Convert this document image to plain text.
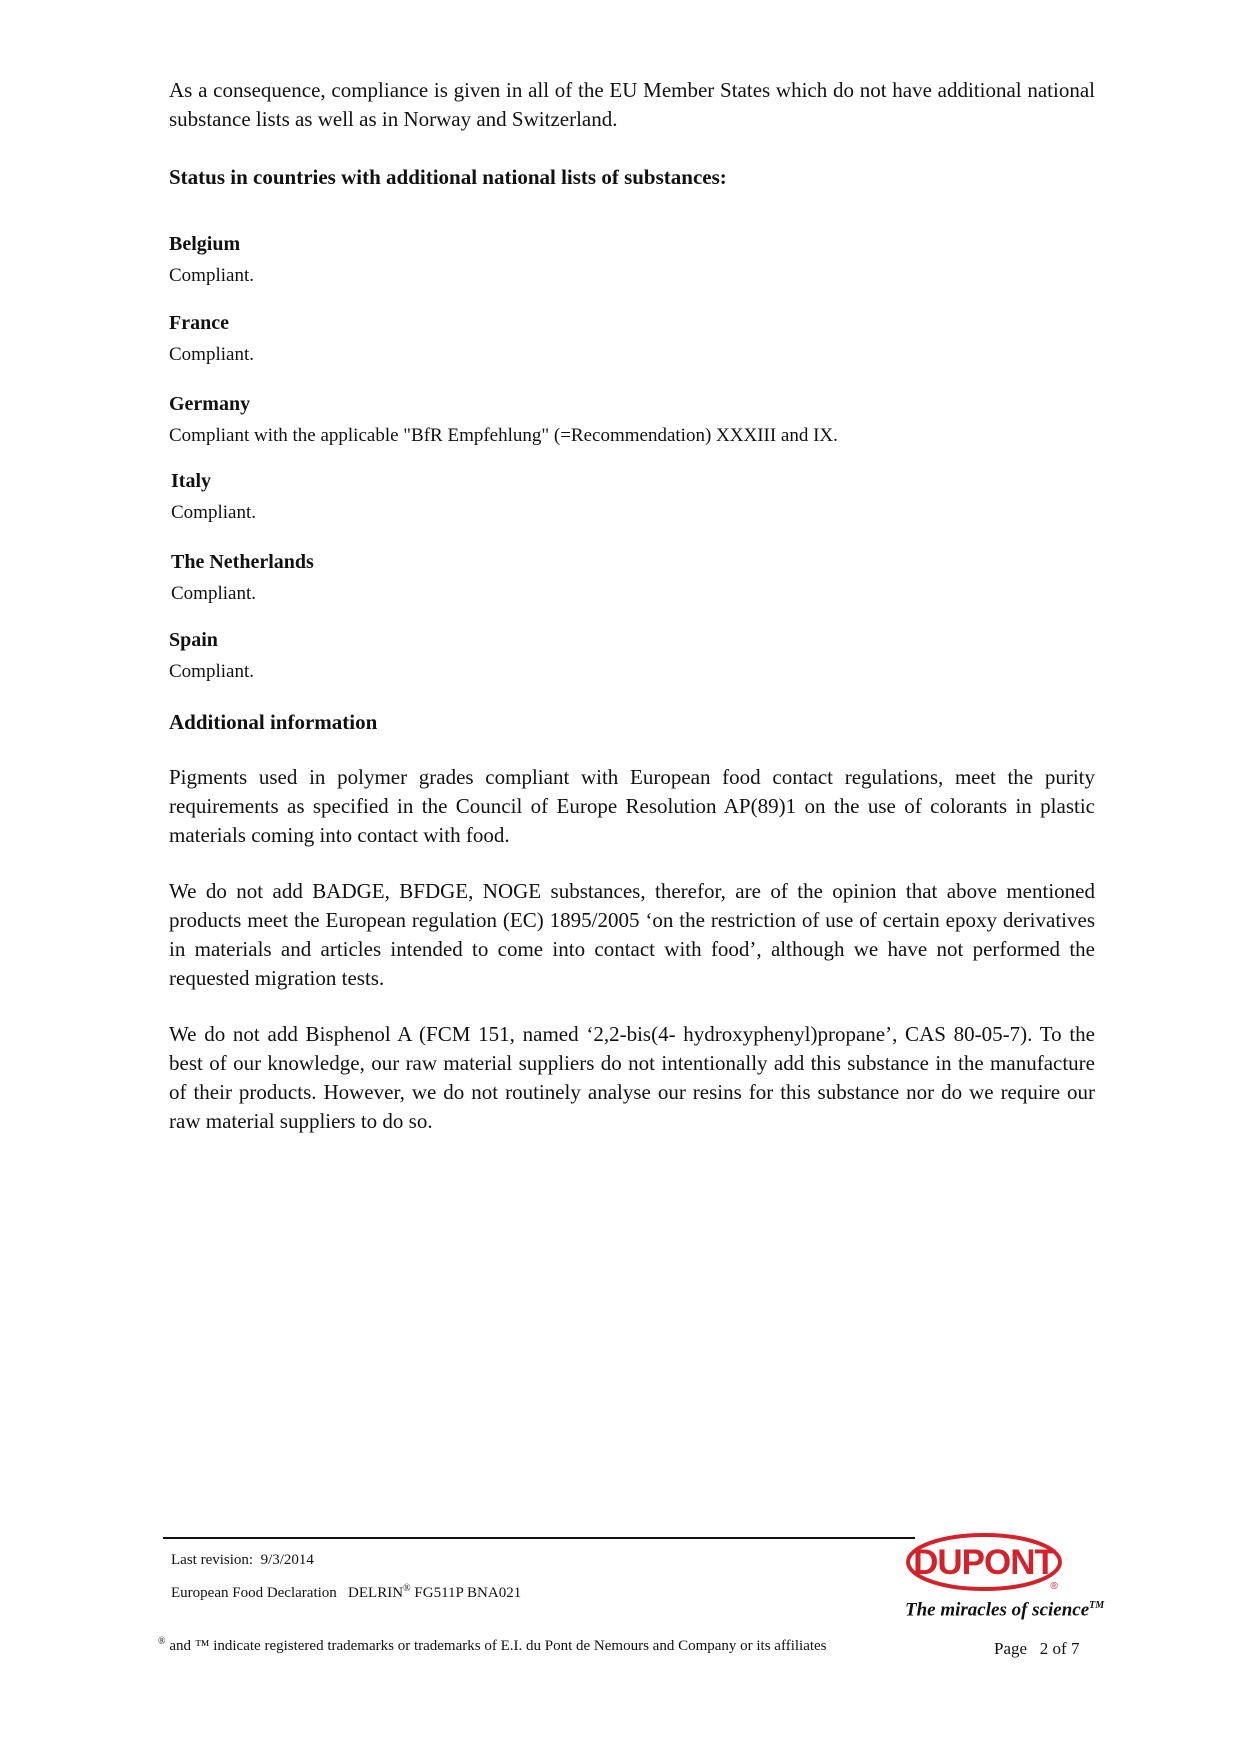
As a consequence, compliance is given in all of the EU Member States which do not have additional national substance lists as well as in Norway and Switzerland.

Status in countries with additional national lists of substances:

Belgium

Compliant.

France

Compliant.

Germany

Compliant with the applicable "BfR Empfehlung" (=Recommendation) XXXIII and IX.

Italy

Compliant.

The Netherlands

Compliant.

Spain

Compliant.

Additional information

Pigments used in polymer grades compliant with European food contact regulations, meet the purity requirements as specified in the Council of Europe Resolution AP(89)1 on the use of colorants in plastic materials coming into contact with food.

We do not add BADGE, BFDGE, NOGE substances, therefor, are of the opinion that above mentioned products meet the European regulation (EC) 1895/2005 ‘on the restriction of use of certain epoxy derivatives in materials and articles intended to come into contact with food’, although we have not performed the requested migration tests.

We do not add Bisphenol A (FCM 151, named ‘2,2-bis(4- hydroxyphenyl)propane’, CAS 80-05-7). To the best of our knowledge, our raw material suppliers do not intentionally add this substance in the manufacture of their products. However, we do not routinely analyse our resins for this substance nor do we require our raw material suppliers to do so.

Last revision: 9/3/2014
European Food Declaration DELRIN® FG511P BNA021
® and ™ indicate registered trademarks or trademarks of E.I. du Pont de Nemours and Company or its affiliates	Page 2 of 7
DUPONT
®
The miracles of science™
